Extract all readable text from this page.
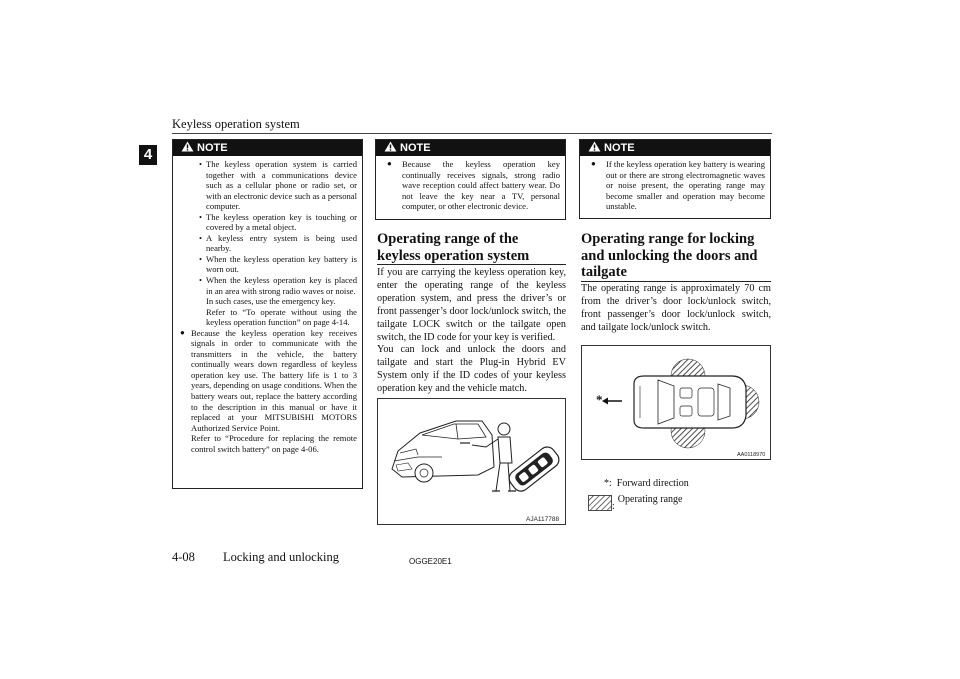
Keyless operation system
4	NOTE
• The keyless operation system is carried together with a communications device such as a cellular phone or radio set, or with an electronic device such as a personal computer.
• The keyless operation key is touching or covered by a metal object.
• A keyless entry system is being used nearby.
• When the keyless operation key battery is worn out.
• When the keyless operation key is placed in an area with strong radio waves or noise.
In such cases, use the emergency key.
Refer to “To operate without using the keyless operation function” on page 4-14.
● Because the keyless operation key receives signals in order to communicate with the transmitters in the vehicle, the battery continually wears down regardless of keyless operation key use. The battery life is 1 to 3 years, depending on usage conditions. When the battery wears out, replace the battery according to the description in this manual or have it replaced at your MITSUBISHI MOTORS Authorized Service Point.
Refer to “Procedure for replacing the remote control switch battery” on page 4-06.
NOTE
● Because the keyless operation key continually receives signals, strong radio wave reception could affect battery wear. Do not leave the key near a TV, personal computer, or other electronic device.
Operating range of the keyless operation system
If you are carrying the keyless operation key, enter the operating range of the keyless operation system, and press the driver’s or front passenger’s door lock/unlock switch, the tailgate LOCK switch or the tailgate open switch, the ID code for your key is verified.
You can lock and unlock the doors and tailgate and start the Plug-in Hybrid EV System only if the ID codes of your keyless operation key and the vehicle match.
AJA117788
NOTE
● If the keyless operation key battery is wearing out or there are strong electromagnetic waves or noise present, the operating range may become smaller and operation may become unstable.
Operating range for locking and unlocking the doors and tailgate
The operating range is approximately 70 cm from the driver’s door lock/unlock switch, front passenger’s door lock/unlock switch, and tailgate lock/unlock switch.
*
AA0118970
*: Forward direction
:
Operating range
4-08 Locking and unlocking	OGGE20E1
